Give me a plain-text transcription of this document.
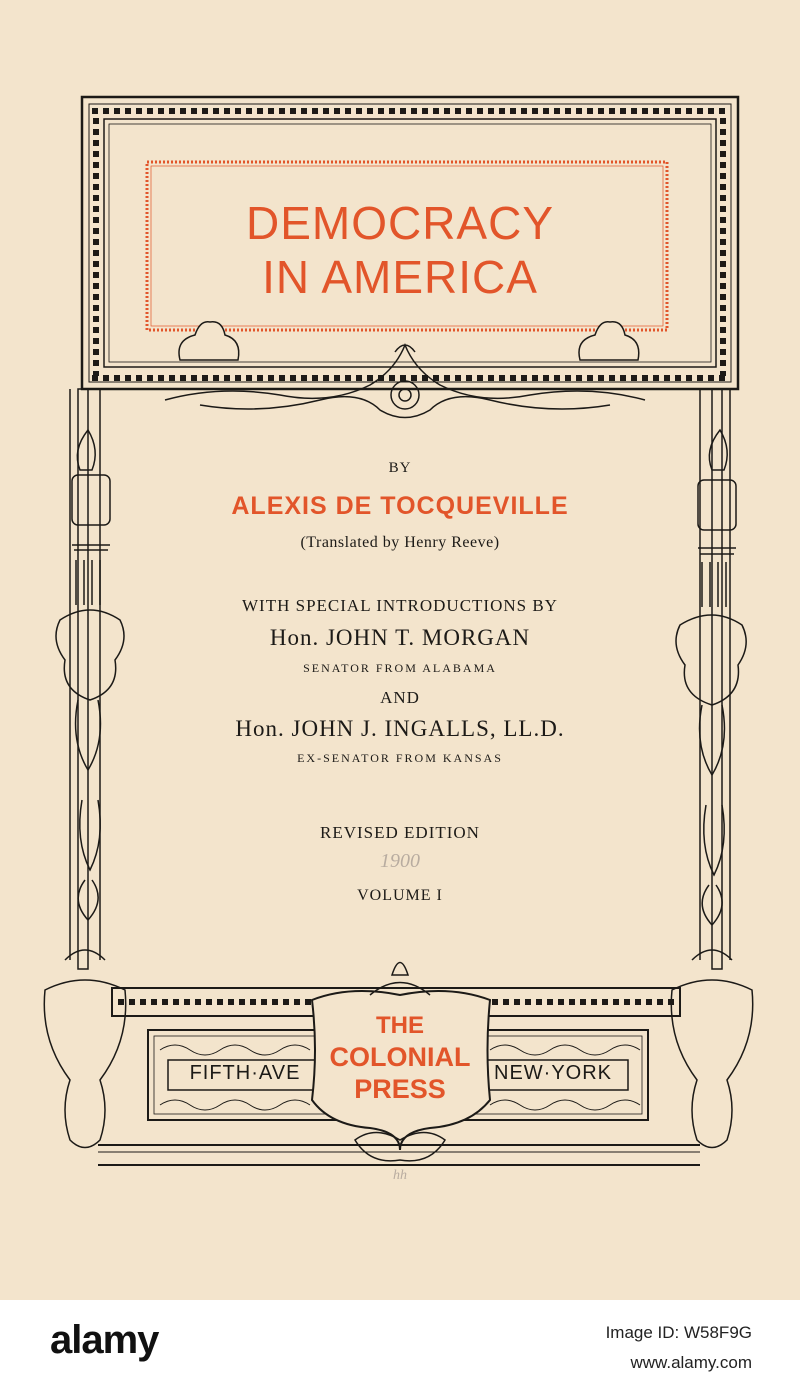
DEMOCRACY
IN AMERICA
BY
ALEXIS DE TOCQUEVILLE
(Translated by Henry Reeve)
WITH SPECIAL INTRODUCTIONS BY
Hon. JOHN T. MORGAN
SENATOR FROM ALABAMA
AND
Hon. JOHN J. INGALLS, LL.D.
EX-SENATOR FROM KANSAS
REVISED EDITION
1900
VOLUME I
THE
COLONIAL
PRESS
FIFTH·AVE	NEW·YORK
hh
alamy	Image ID: W58F9G
www.alamy.com
